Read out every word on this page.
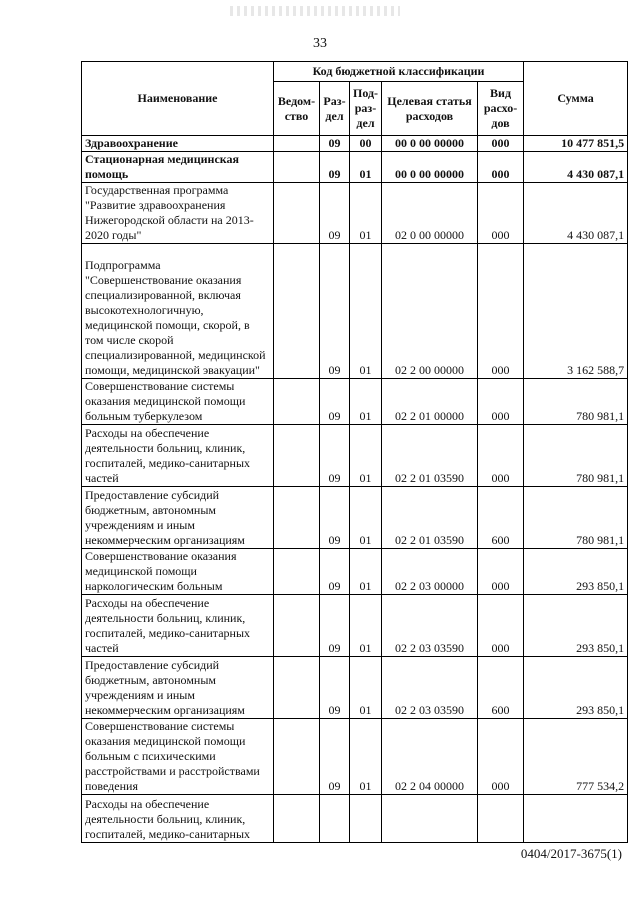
33
Наименование	Код бюджетной классификации					Сумма
	Ведом-ство	Раз-дел	Под-раз-дел	Целевая статья расходов	Вид расхо-дов	
Здравоохранение		09	00	00 0 00 00000	000	10 477 851,5
Стационарная медицинская помощь		09	01	00 0 00 00000	000	4 430 087,1
Государственная программа "Развитие здравоохранения Нижегородской области на 2013-2020 годы"		09	01	02 0 00 00000	000	4 430 087,1
Подпрограмма "Совершенствование оказания специализированной, включая высокотехнологичную, медицинской помощи, скорой, в том числе скорой специализированной, медицинской помощи, медицинской эвакуации"		09	01	02 2 00 00000	000	3 162 588,7
Совершенствование системы оказания медицинской помощи больным туберкулезом		09	01	02 2 01 00000	000	780 981,1
Расходы на обеспечение деятельности больниц, клиник, госпиталей, медико-санитарных частей		09	01	02 2 01 03590	000	780 981,1
Предоставление субсидий бюджетным, автономным учреждениям и иным некоммерческим организациям		09	01	02 2 01 03590	600	780 981,1
Совершенствование оказания медицинской помощи наркологическим больным		09	01	02 2 03 00000	000	293 850,1
Расходы на обеспечение деятельности больниц, клиник, госпиталей, медико-санитарных частей		09	01	02 2 03 03590	000	293 850,1
Предоставление субсидий бюджетным, автономным учреждениям и иным некоммерческим организациям		09	01	02 2 03 03590	600	293 850,1
Совершенствование системы оказания медицинской помощи больным с психическими расстройствами и расстройствами поведения		09	01	02 2 04 00000	000	777 534,2
Расходы на обеспечение деятельности больниц, клиник, госпиталей, медико-санитарных						
0404/2017-3675(1)
